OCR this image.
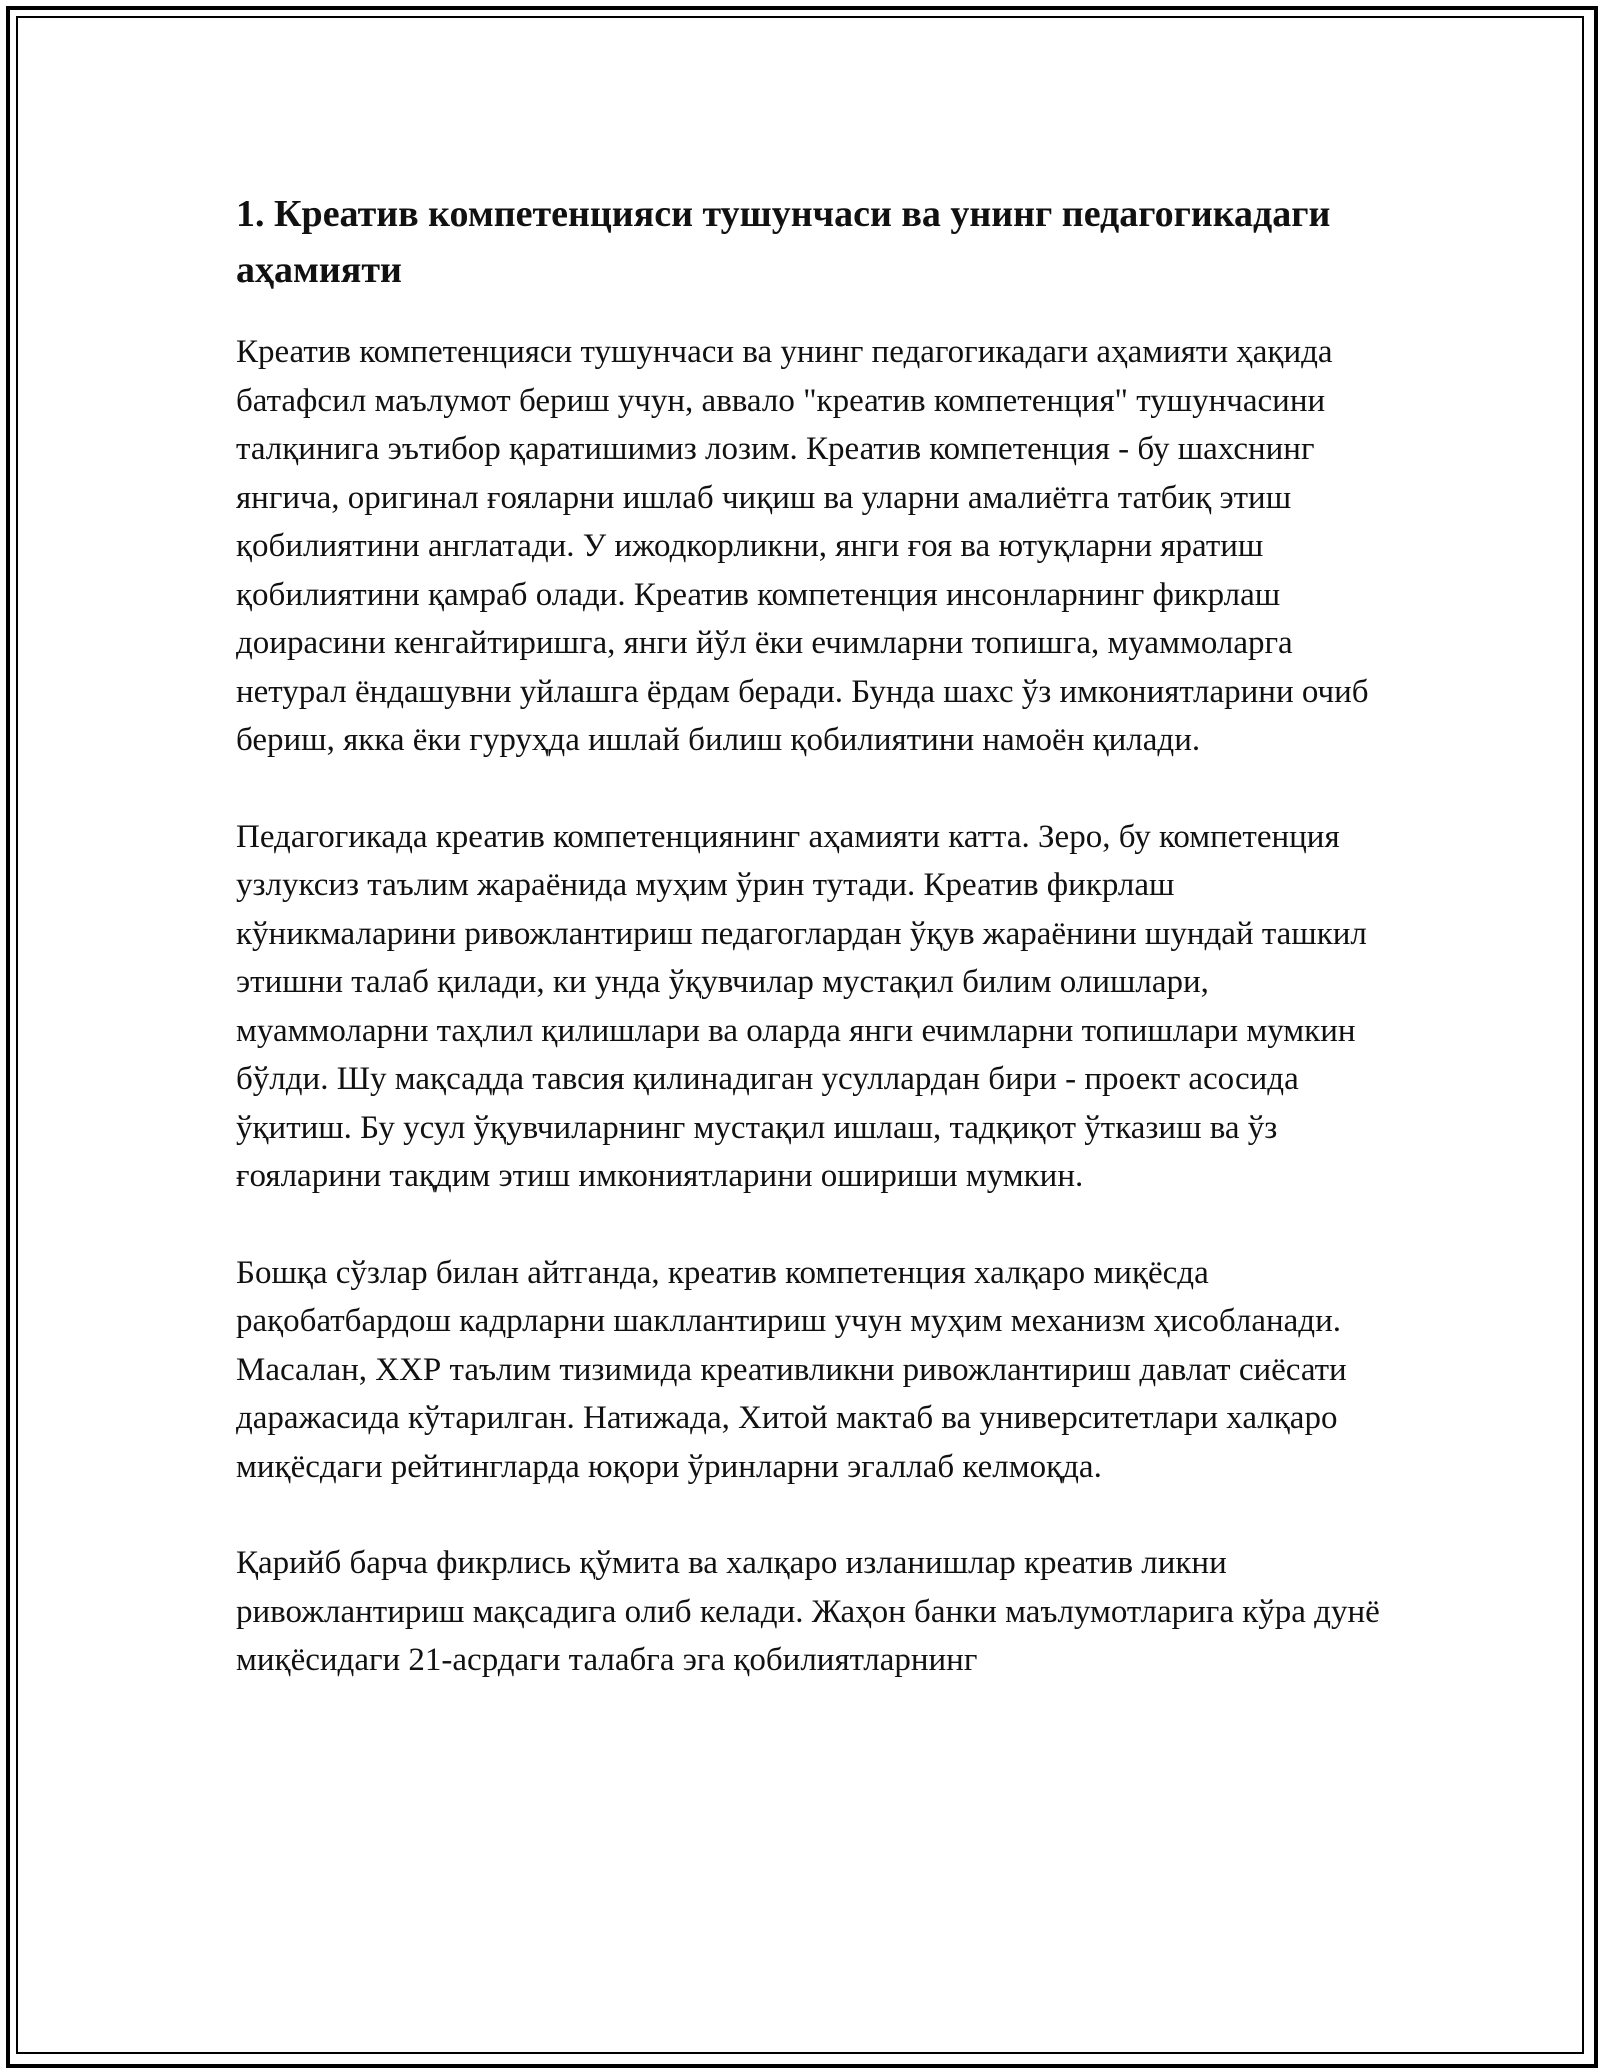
1. Креатив компетенцияси тушунчаси ва унинг педагогикадаги аҳамияти

Креатив компетенцияси тушунчаси ва унинг педагогикадаги аҳамияти ҳақида батафсил маълумот бериш учун, аввало "креатив компетенция" тушунчасини талқинига эътибор қаратишимиз лозим. Креатив компетенция - бу шахснинг янгича, оригинал ғояларни ишлаб чиқиш ва уларни амалиётга татбиқ этиш қобилиятини англатади. У ижодкорликни, янги ғоя ва ютуқларни яратиш қобилиятини қамраб олади. Креатив компетенция инсонларнинг фикрлаш доирасини кенгайтиришга, янги йўл ёки ечимларни топишга, муаммоларга нетурал ёндашувни уйлашга ёрдам беради. Бунда шахс ўз имкониятларини очиб бериш, якка ёки гуруҳда ишлай билиш қобилиятини намоён қилади.

Педагогикада креатив компетенциянинг аҳамияти катта. Зеро, бу компетенция узлуксиз таълим жараёнида муҳим ўрин тутади. Креатив фикрлаш кўникмаларини ривожлантириш педагоглардан ўқув жараёнини шундай ташкил этишни талаб қилади, ки унда ўқувчилар мустақил билим олишлари, муаммоларни таҳлил қилишлари ва оларда янги ечимларни топишлари мумкин бўлди. Шу мақсадда тавсия қилинадиган усуллардан бири - проект асосида ўқитиш. Бу усул ўқувчиларнинг мустақил ишлаш, тадқиқот ўтказиш ва ўз ғояларини тақдим этиш имкониятларини ошириши мумкин.

Бошқа сўзлар билан айтганда, креатив компетенция халқаро миқёсда рақобатбардош кадрларни шакллантириш учун муҳим механизм ҳисобланади. Масалан, ХХР таълим тизимида креативликни ривожлантириш давлат сиёсати даражасида кўтарилган. Натижада, Хитой мактаб ва университетлари халқаро миқёсдаги рейтингларда юқори ўринларни эгаллаб келмоқда.

Қарийб барча фикрлись қўмита ва халқаро изланишлар креатив ликни ривожлантириш мақсадига олиб келади. Жаҳон банки маълумотларига кўра дунё миқёсидаги 21-асрдаги талабга эга қобилиятларнинг
